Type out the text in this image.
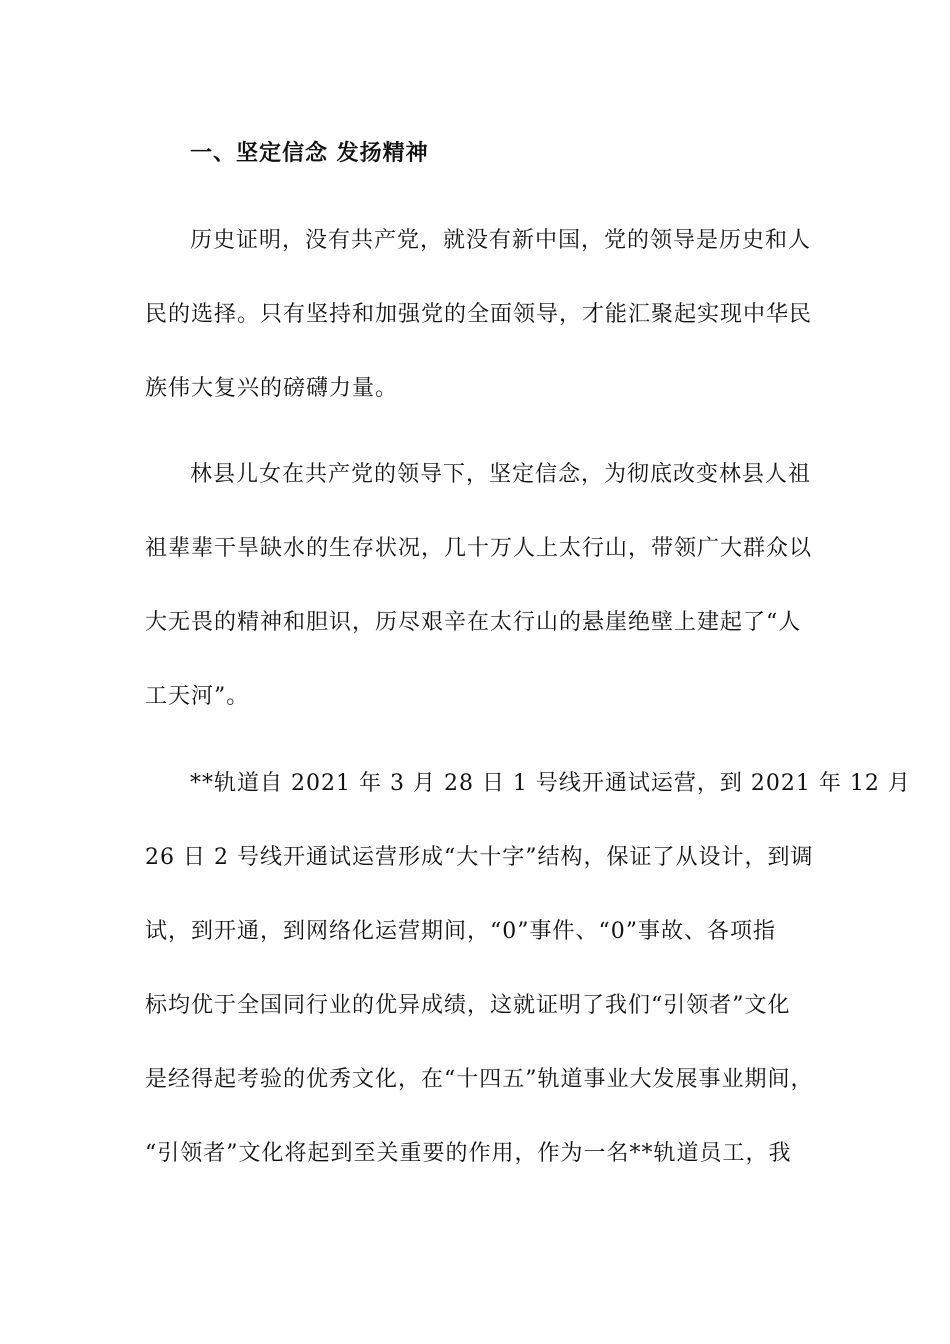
一、坚定信念 发扬精神
历史证明，没有共产党，就没有新中国，党的领导是历史和人
民的选择。只有坚持和加强党的全面领导，才能汇聚起实现中华民
族伟大复兴的磅礴力量。
林县儿女在共产党的领导下，坚定信念，为彻底改变林县人祖
祖辈辈干旱缺水的生存状况，几十万人上太行山，带领广大群众以
大无畏的精神和胆识，历尽艰辛在太行山的悬崖绝壁上建起了“人
工天河”。
**轨道自 2021 年 3 月 28 日 1 号线开通试运营，到 2021 年 12 月
26 日 2 号线开通试运营形成“大十字”结构，保证了从设计，到调
试，到开通，到网络化运营期间，“0”事件、“0”事故、各项指
标均优于全国同行业的优异成绩，这就证明了我们“引领者”文化
是经得起考验的优秀文化，在“十四五”轨道事业大发展事业期间，
“引领者”文化将起到至关重要的作用，作为一名**轨道员工，我
